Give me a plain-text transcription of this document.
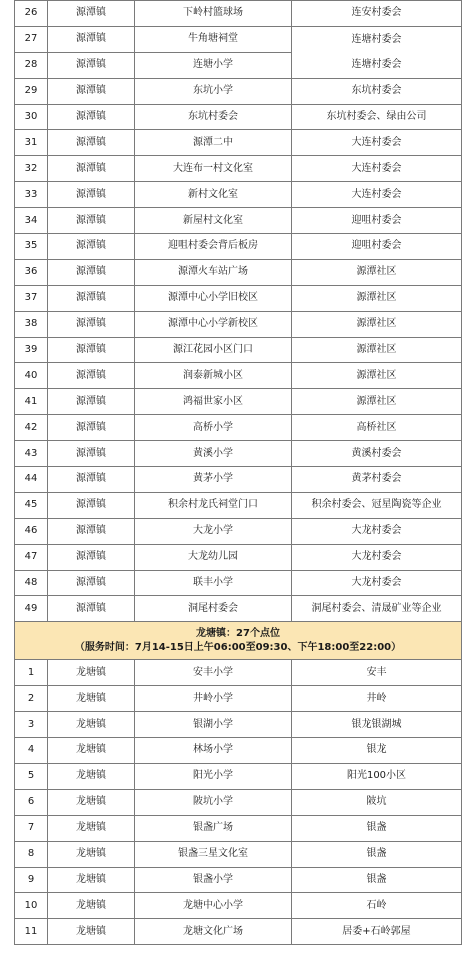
26	源潭镇	下岭村篮球场	连安村委会
27	源潭镇	牛角塘祠堂	连塘村委会
28	源潭镇	连塘小学	连塘村委会
29	源潭镇	东坑小学	东坑村委会
30	源潭镇	东坑村委会	东坑村委会、绿由公司
31	源潭镇	源潭二中	大连村委会
32	源潭镇	大连布一村文化室	大连村委会
33	源潭镇	新村文化室	大连村委会
34	源潭镇	新屋村文化室	迎咀村委会
35	源潭镇	迎咀村委会背后板房	迎咀村委会
36	源潭镇	源潭火车站广场	源潭社区
37	源潭镇	源潭中心小学旧校区	源潭社区
38	源潭镇	源潭中心小学新校区	源潭社区
39	源潭镇	源江花园小区门口	源潭社区
40	源潭镇	润泰新城小区	源潭社区
41	源潭镇	鸿福世家小区	源潭社区
42	源潭镇	高桥小学	高桥社区
43	源潭镇	黄溪小学	黄溪村委会
44	源潭镇	黄茅小学	黄茅村委会
45	源潭镇	积余村龙氏祠堂门口	积余村委会、冠星陶瓷等企业
46	源潭镇	大龙小学	大龙村委会
47	源潭镇	大龙幼儿园	大龙村委会
48	源潭镇	联丰小学	大龙村委会
49	源潭镇	洞尾村委会	洞尾村委会、清晟矿业等企业

龙塘镇：27个点位
（服务时间：7月14-15日上午06:00至09:30、下午18:00至22:00）			

1	龙塘镇	安丰小学	安丰
2	龙塘镇	井岭小学	井岭
3	龙塘镇	银湖小学	银龙银湖城
4	龙塘镇	林场小学	银龙
5	龙塘镇	阳光小学	阳光100小区
6	龙塘镇	陂坑小学	陂坑
7	龙塘镇	银盏广场	银盏
8	龙塘镇	银盏三星文化室	银盏
9	龙塘镇	银盏小学	银盏
10	龙塘镇	龙塘中心小学	石岭
11	龙塘镇	龙塘文化广场	居委+石岭郭屋
